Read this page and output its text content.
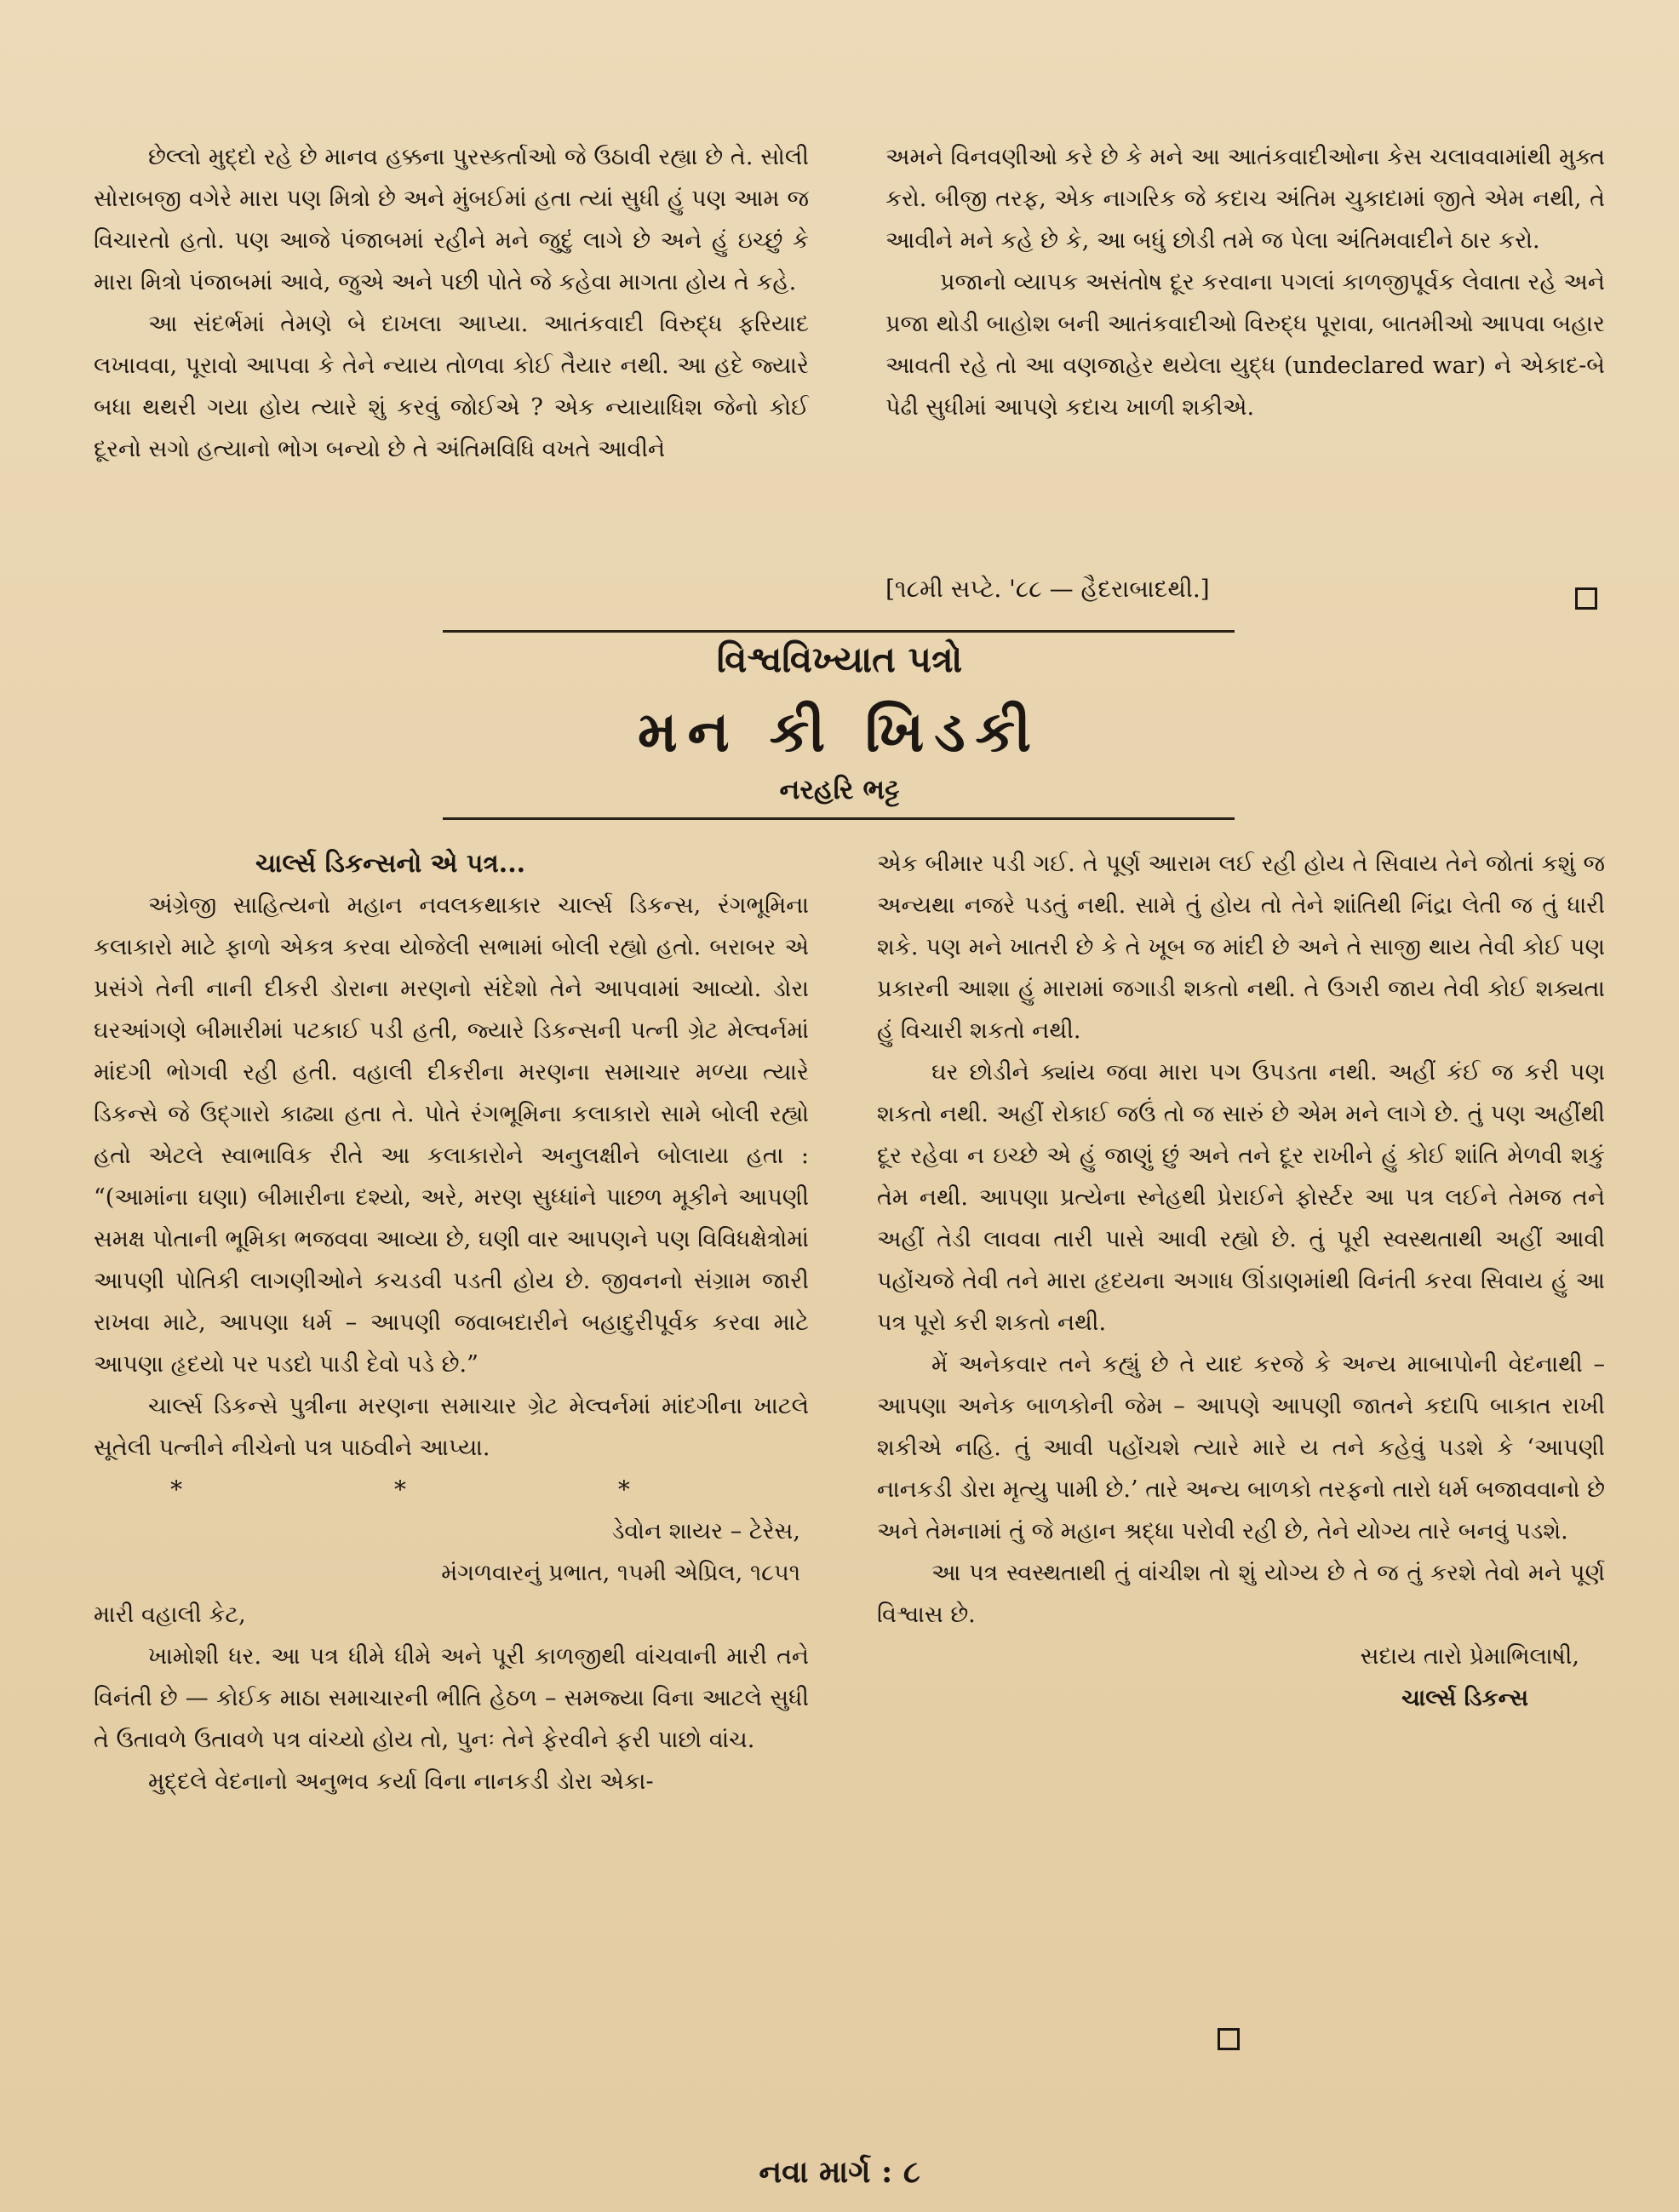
છેલ્લો મુદ્દો રહે છે માનવ હક્કના પુરસ્કર્તાઓ જે ઉઠાવી રહ્યા છે તે. સોલી સોરાબજી વગેરે મારા પણ મિત્રો છે અને મુંબઈમાં હતા ત્યાં સુધી હું પણ આમ જ વિચારતો હતો. પણ આજે પંજાબમાં રહીને મને જુદું લાગે છે અને હું ઇચ્છું કે મારા મિત્રો પંજાબમાં આવે, જુએ અને પછી પોતે જે કહેવા માગતા હોય તે કહે.

આ સંદર્ભમાં તેમણે બે દાખલા આપ્યા. આતંકવાદી વિરુદ્ધ ફરિયાદ લખાવવા, પૂરાવો આપવા કે તેને ન્યાય તોળવા કોઈ તૈયાર નથી. આ હદે જ્યારે બધા થથરી ગયા હોય ત્યારે શું કરવું જોઈએ ? એક ન્યાયાધિશ જેનો કોઈ દૂરનો સગો હત્યાનો ભોગ બન્યો છે તે અંતિમવિધિ વખતે આવીને

અમને વિનવણીઓ કરે છે કે મને આ આતંકવાદીઓના કેસ ચલાવવામાંથી મુક્ત કરો. બીજી તરફ, એક નાગરિક જે કદાચ અંતિમ ચુકાદામાં જીતે એમ નથી, તે આવીને મને કહે છે કે, આ બધું છોડી તમે જ પેલા અંતિમવાદીને ઠાર કરો.

પ્રજાનો વ્યાપક અસંતોષ દૂર કરવાના પગલાં કાળજીપૂર્વક લેવાતા રહે અને પ્રજા થોડી બાહોશ બની આતંકવાદીઓ વિરુદ્ધ પૂરાવા, બાતમીઓ આપવા બહાર આવતી રહે તો આ વણજાહેર થયેલા યુદ્ધ (undeclared war) ને એકાદ-બે પેઢી સુધીમાં આપણે કદાચ ખાળી શકીએ.

[૧૮મી સપ્ટે. '૮૮ — હૈદરાબાદથી.]
વિશ્વવિખ્યાત પત્રો
મન કી ખિડકી
નરહરિ ભટ્ટ

ચાર્લ્સ ડિકન્સનો એ પત્ર...

અંગ્રેજી સાહિત્યનો મહાન નવલકથાકાર ચાર્લ્સ ડિકન્સ, રંગભૂમિના કલાકારો માટે ફાળો એકત્ર કરવા યોજેલી સભામાં બોલી રહ્યો હતો. બરાબર એ પ્રસંગે તેની નાની દીકરી ડોરાના મરણનો સંદેશો તેને આપવામાં આવ્યો. ડોરા ઘરઆંગણે બીમારીમાં પટકાઈ પડી હતી, જ્યારે ડિકન્સની પત્ની ગ્રેટ મેલ્વર્નમાં માંદગી ભોગવી રહી હતી. વહાલી દીકરીના મરણના સમાચાર મળ્યા ત્યારે ડિકન્સે જે ઉદ્ગારો કાઢ્યા હતા તે. પોતે રંગભૂમિના કલાકારો સામે બોલી રહ્યો હતો એટલે સ્વાભાવિક રીતે આ કલાકારોને અનુલક્ષીને બોલાયા હતા : “(આમાંના ઘણા) બીમારીના દશ્યો, અરે, મરણ સુધ્ધાંને પાછળ મૂકીને આપણી સમક્ષ પોતાની ભૂમિકા ભજવવા આવ્યા છે, ઘણી વાર આપણને પણ વિવિધક્ષેત્રોમાં આપણી પોતિકી લાગણીઓને કચડવી પડતી હોય છે. જીવનનો સંગ્રામ જારી રાખવા માટે, આપણા ધર્મ – આપણી જવાબદારીને બહાદુરીપૂર્વક કરવા માટે આપણા હૃદયો પર પડદો પાડી દેવો પડે છે.”

ચાર્લ્સ ડિકન્સે પુત્રીના મરણના સમાચાર ગ્રેટ મેલ્વર્નમાં માંદગીના ખાટલે સૂતેલી પત્નીને નીચેનો પત્ર પાઠવીને આપ્યા.

* * *

ડેવોન શાયર – ટેરેસ,

મંગળવારનું પ્રભાત, ૧૫મી એપ્રિલ, ૧૮૫૧

મારી વહાલી કેટ,

ખામોશી ધર. આ પત્ર ધીમે ધીમે અને પૂરી કાળજીથી વાંચવાની મારી તને વિનંતી છે — કોઈક માઠા સમાચારની ભીતિ હેઠળ – સમજ્યા વિના આટલે સુધી તે ઉતાવળે ઉતાવળે પત્ર વાંચ્યો હોય તો, પુનઃ તેને ફેરવીને ફરી પાછો વાંચ.

મુદ્દલે વેદનાનો અનુભવ કર્યા વિના નાનકડી ડોરા એકા-

એક બીમાર પડી ગઈ. તે પૂર્ણ આરામ લઈ રહી હોય તે સિવાય તેને જોતાં કશું જ અન્યથા નજરે પડતું નથી. સામે તું હોય તો તેને શાંતિથી નિંદ્રા લેતી જ તું ધારી શકે. પણ મને ખાતરી છે કે તે ખૂબ જ માંદી છે અને તે સાજી થાય તેવી કોઈ પણ પ્રકારની આશા હું મારામાં જગાડી શકતો નથી. તે ઉગરી જાય તેવી કોઈ શક્યતા હું વિચારી શકતો નથી.

ઘર છોડીને ક્યાંય જવા મારા પગ ઉપડતા નથી. અહીં કંઈ જ કરી પણ શકતો નથી. અહીં રોકાઈ જઉં તો જ સારું છે એમ મને લાગે છે. તું પણ અહીંથી દૂર રહેવા ન ઇચ્છે એ હું જાણું છું અને તને દૂર રાખીને હું કોઈ શાંતિ મેળવી શકું તેમ નથી. આપણા પ્રત્યેના સ્નેહથી પ્રેરાઈને ફોર્સ્ટર આ પત્ર લઈને તેમજ તને અહીં તેડી લાવવા તારી પાસે આવી રહ્યો છે. તું પૂરી સ્વસ્થતાથી અહીં આવી પહોંચજે તેવી તને મારા હૃદયના અગાધ ઊંડાણમાંથી વિનંતી કરવા સિવાય હું આ પત્ર પૂરો કરી શકતો નથી.

મેં અનેકવાર તને કહ્યું છે તે યાદ કરજે કે અન્ય માબાપોની વેદનાથી – આપણા અનેક બાળકોની જેમ – આપણે આપણી જાતને કદાપિ બાકાત રાખી શકીએ નહિ. તું આવી પહોંચશે ત્યારે મારે ય તને કહેવું પડશે કે ‘આપણી નાનકડી ડોરા મૃત્યુ પામી છે.’ તારે અન્ય બાળકો તરફનો તારો ધર્મ બજાવવાનો છે અને તેમનામાં તું જે મહાન શ્રદ્ધા પરોવી રહી છે, તેને યોગ્ય તારે બનવું પડશે.

આ પત્ર સ્વસ્થતાથી તું વાંચીશ તો શું યોગ્ય છે તે જ તું કરશે તેવો મને પૂર્ણ વિશ્વાસ છે.

સદાય તારો પ્રેમાભિલાષી,

ચાર્લ્સ ડિકન્સ

નવા માર્ગ : ૮
